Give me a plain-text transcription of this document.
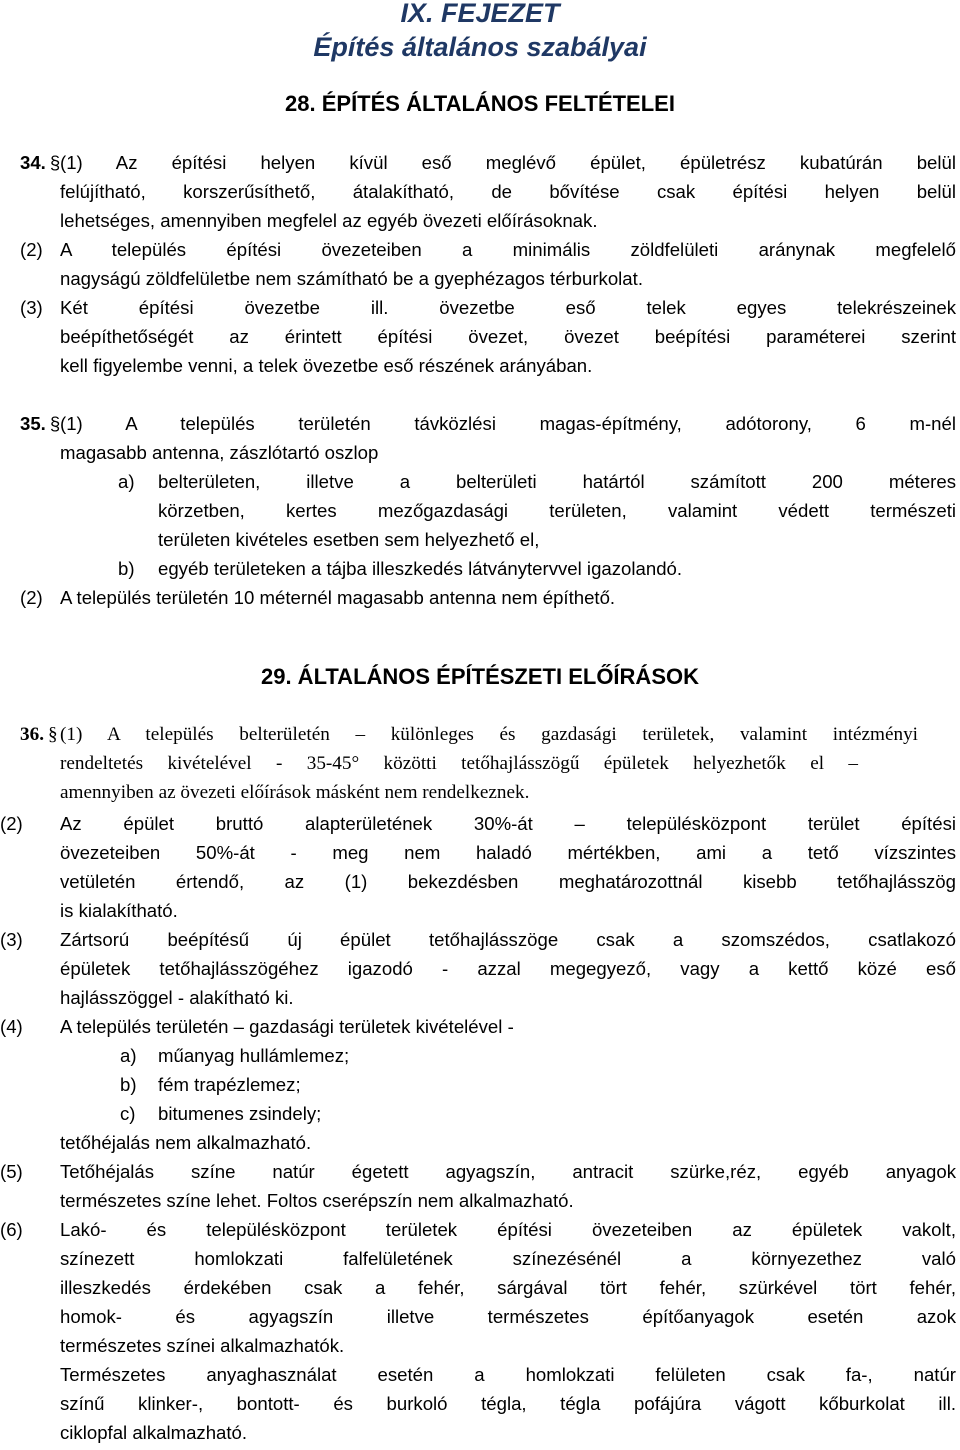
IX. FEJEZET
Építés általános szabályai
28. ÉPÍTÉS ÁLTALÁNOS FELTÉTELEI
34. § (1) Az építési helyen kívül eső meglévő épület, épületrész kubatúrán belül
felújítható, korszerűsíthető, átalakítható, de bővítése csak építési helyen belül
lehetséges, amennyiben megfelel az egyéb övezeti előírásoknak.
(2) A település építési övezeteiben a minimális zöldfelületi aránynak megfelelő
nagyságú zöldfelületbe nem számítható be a gyephézagos térburkolat.
(3) Két építési övezetbe ill. övezetbe eső telek egyes telekrészeinek
beépíthetőségét az érintett építési övezet, övezet beépítési paraméterei szerint
kell figyelembe venni, a telek övezetbe eső részének arányában.
35. § (1) A település területén távközlési magas-építmény, adótorony, 6 m-nél
magasabb antenna, zászlótartó oszlop
a) belterületen, illetve a belterületi határtól számított 200 méteres
körzetben, kertes mezőgazdasági területen, valamint védett természeti
területen kivételes esetben sem helyezhető el,
b) egyéb területeken a tájba illeszkedés látványtervvel igazolandó.
(2) A település területén 10 méternél magasabb antenna nem építhető.
29. ÁLTALÁNOS ÉPÍTÉSZETI ELŐÍRÁSOK
36. § (1) A település belterületén – különleges és gazdasági területek, valamint intézményi
rendeltetés kivételével - 35-45° közötti tetőhajlásszögű épületek helyezhetők el –
amennyiben az övezeti előírások másként nem rendelkeznek.
(2) Az épület bruttó alapterületének 30%-át – településközpont terület építési
övezeteiben 50%-át - meg nem haladó mértékben, ami a tető vízszintes
vetületén értendő, az (1) bekezdésben meghatározottnál kisebb tetőhajlásszög
is kialakítható.
(3) Zártsorú beépítésű új épület tetőhajlásszöge csak a szomszédos, csatlakozó
épületek tetőhajlásszögéhez igazodó - azzal megegyező, vagy a kettő közé eső
hajlásszöggel - alakítható ki.
(4) A település területén – gazdasági területek kivételével -
a) műanyag hullámlemez;
b) fém trapézlemez;
c) bitumenes zsindely;
tetőhéjalás nem alkalmazható.
(5) Tetőhéjalás színe natúr égetett agyagszín, antracit szürke,réz, egyéb anyagok
természetes színe lehet. Foltos cserépszín nem alkalmazható.
(6) Lakó- és településközpont területek építési övezeteiben az épületek vakolt,
színezett homlokzati falfelületének színezésénél a környezethez való
illeszkedés érdekében csak a fehér, sárgával tört fehér, szürkével tört fehér,
homok- és agyagszín illetve természetes építőanyagok esetén azok
természetes színei alkalmazhatók.
Természetes anyaghasználat esetén a homlokzati felületen csak fa-, natúr
színű klinker-, bontott- és burkoló tégla, tégla pofájúra vágott kőburkolat ill.
ciklopfal alkalmazható.
